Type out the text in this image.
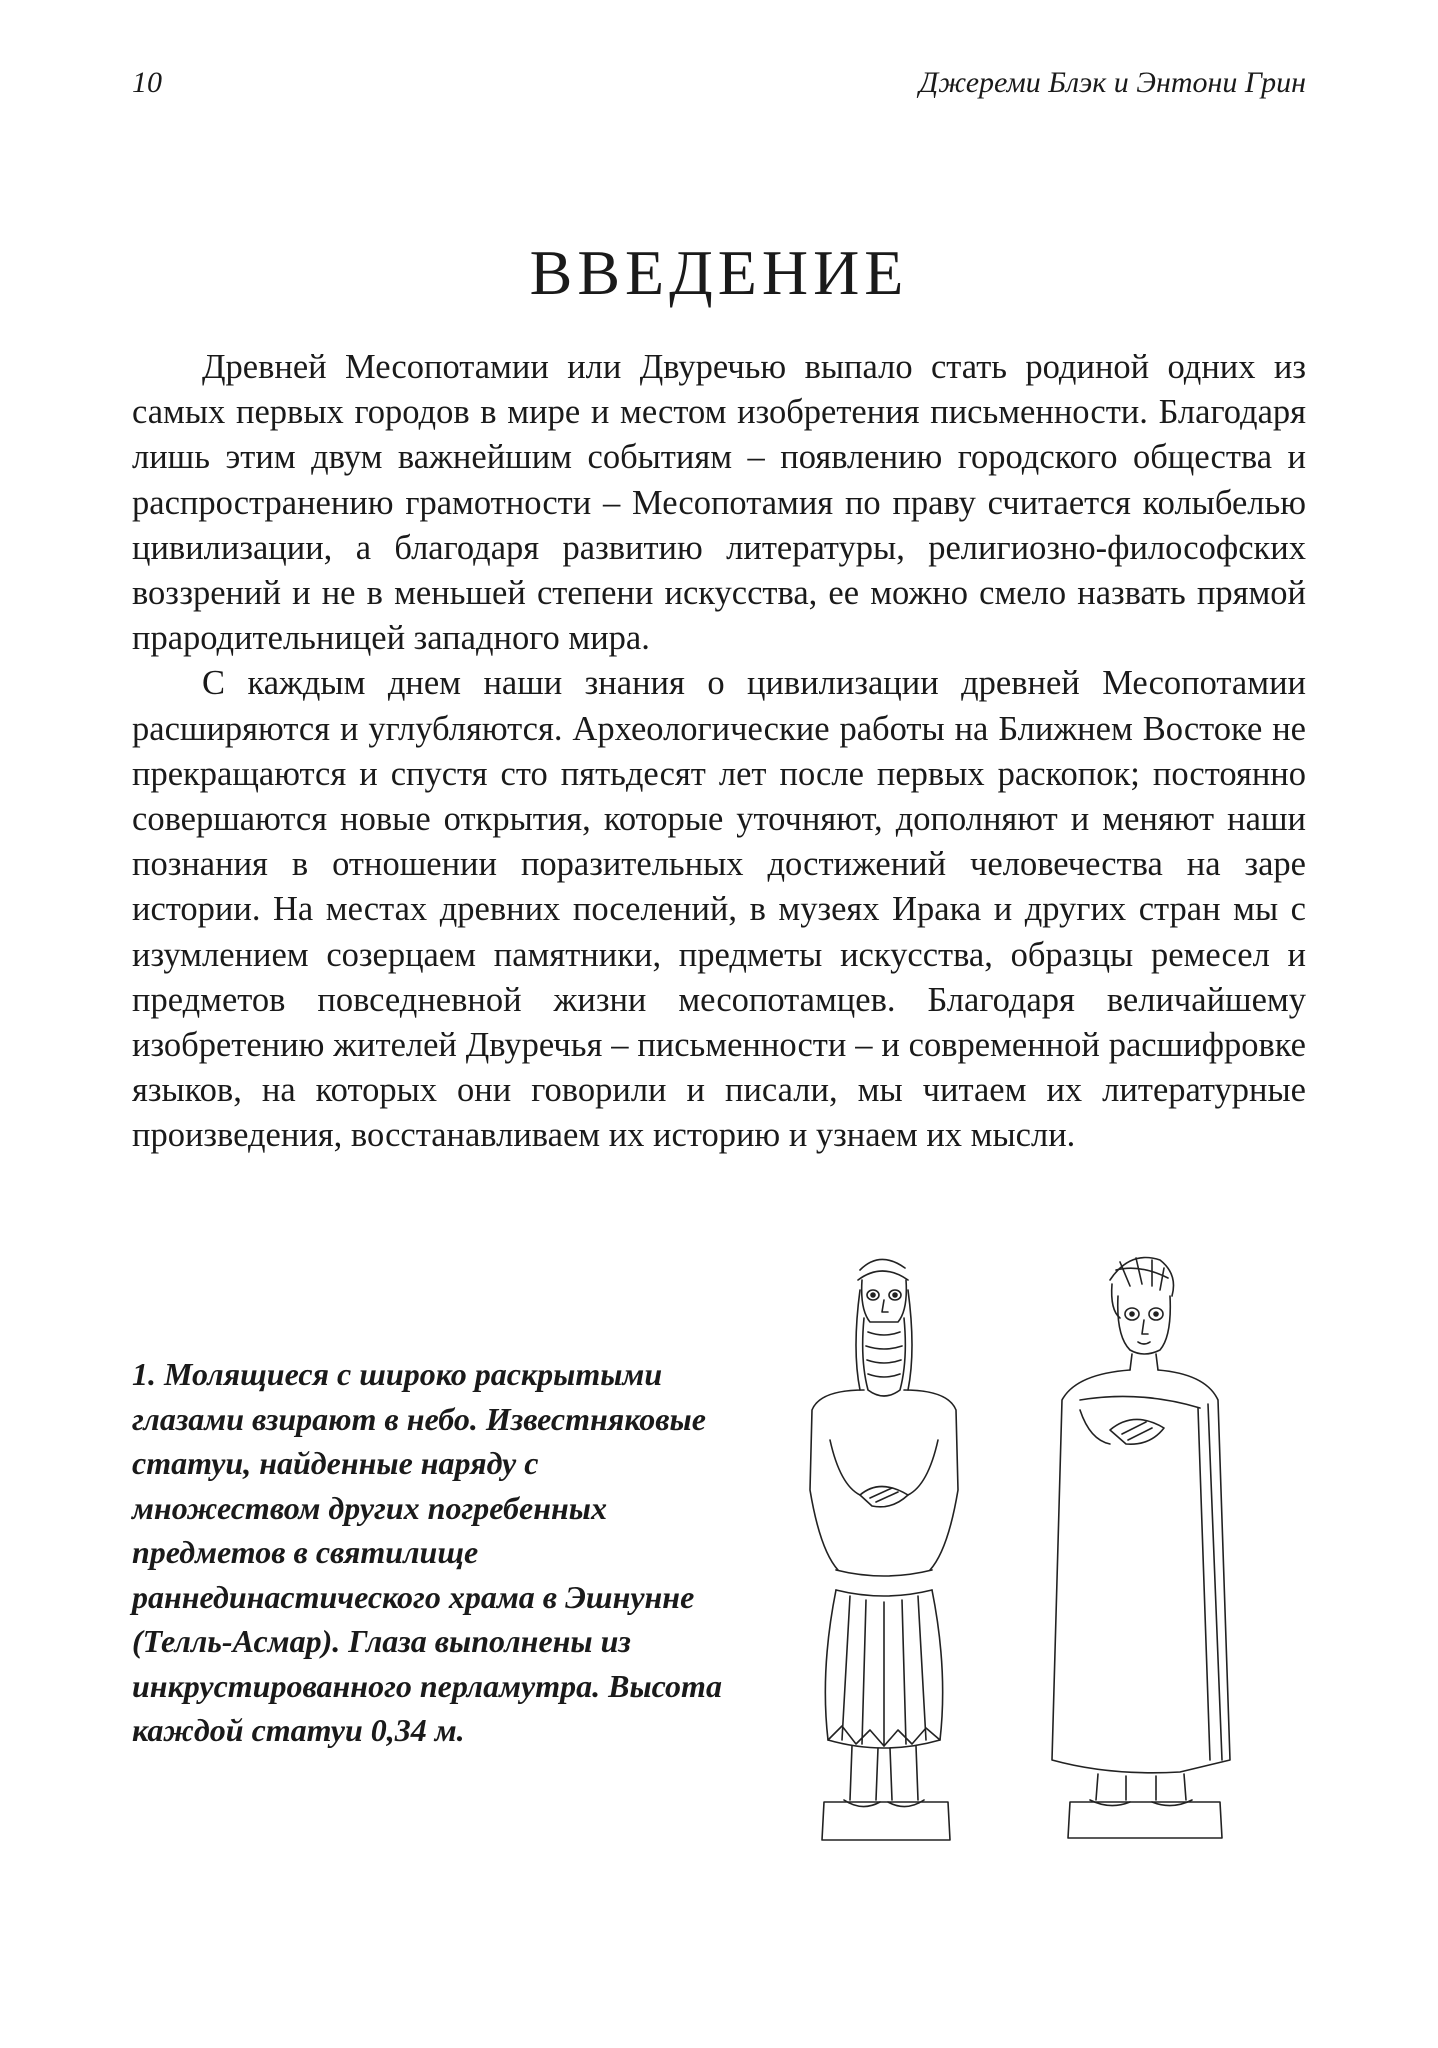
10	Джереми Блэк и Энтони Грин
ВВЕДЕНИЕ

Древней Месопотамии или Двуречью выпало стать родиной одних из самых первых городов в мире и местом изобретения письменности. Благодаря лишь этим двум важнейшим событиям – появлению городского общества и распространению грамотности – Месопотамия по праву считается колыбелью цивилизации, а благодаря развитию литературы, религиозно-философских воззрений и не в меньшей степени искусства, ее можно смело назвать прямой прародительницей западного мира.

С каждым днем наши знания о цивилизации древней Месопотамии расширяются и углубляются. Археологические работы на Ближнем Востоке не прекращаются и спустя сто пятьдесят лет после первых раскопок; постоянно совершаются новые открытия, которые уточняют, дополняют и меняют наши познания в отношении поразительных достижений человечества на заре истории. На местах древних поселений, в музеях Ирака и других стран мы с изумлением созерцаем памятники, предметы искусства, образцы ремесел и предметов повседневной жизни месопотамцев. Благодаря величайшему изобретению жителей Двуречья – письменности – и современной расшифровке языков, на которых они говорили и писали, мы читаем их литературные произведения, восстанавливаем их историю и узнаем их мысли.

1. Молящиеся с широко раскрытыми глазами взирают в небо. Известняковые статуи, найденные наряду с множеством других погребенных предметов в святилище раннединастического храма в Эшнунне (Телль-Асмар). Глаза выполнены из инкрустированного перламутра. Высота каждой статуи 0,34 м.
